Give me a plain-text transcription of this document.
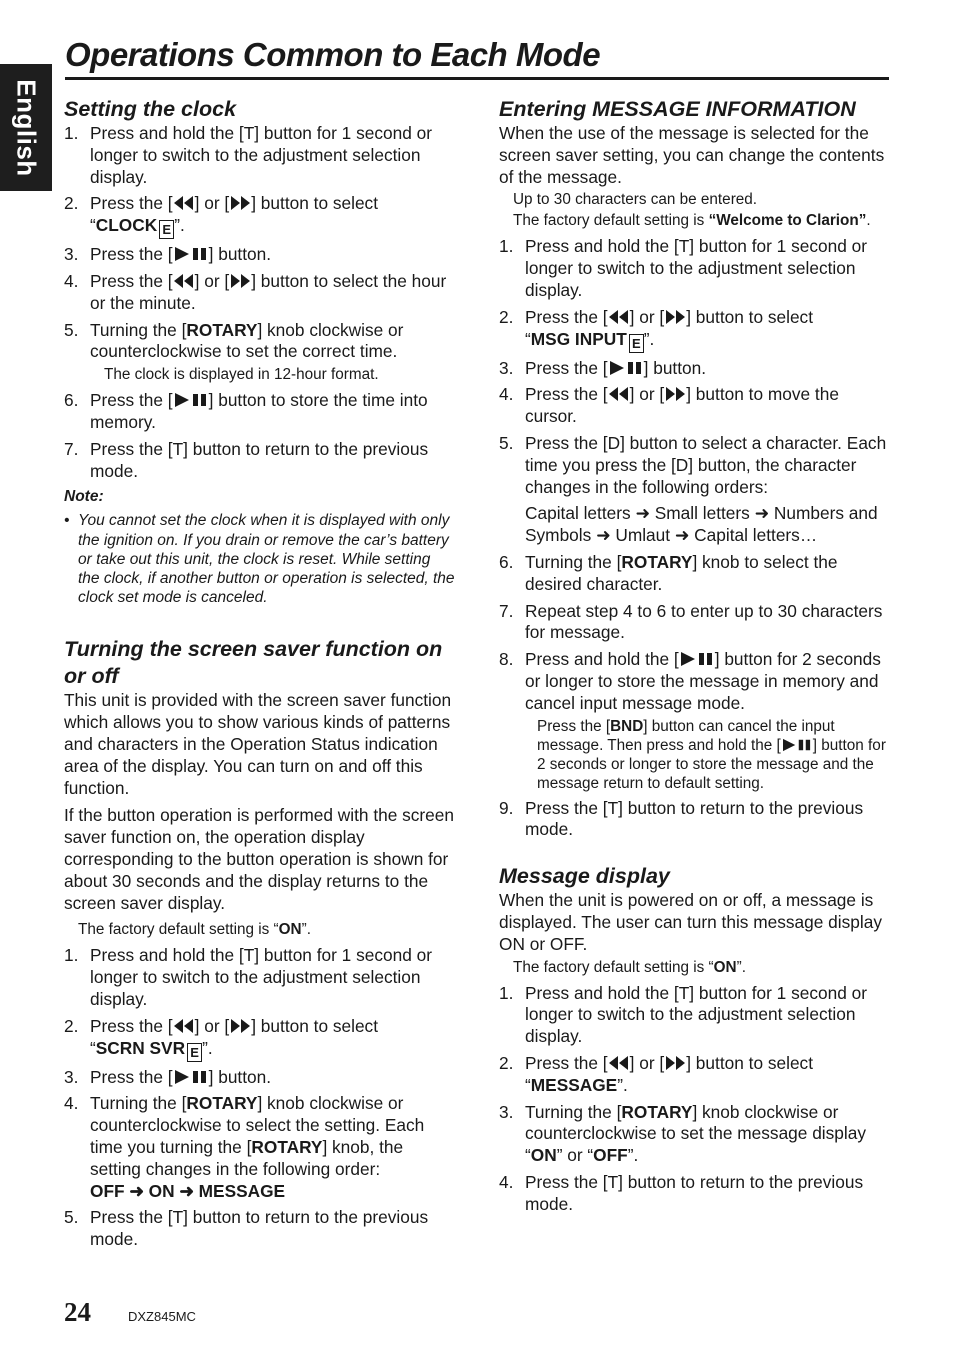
English
Operations Common to Each Mode
Setting the clock
1. Press and hold the [T] button for 1 second or longer to switch to the adjustment selection display.
2. Press the [ ] or [ ] button to select
“CLOCK E ”.
3. Press the [ ] button.
4. Press the [ ] or [ ] button to select the hour or the minute.
5. Turning the [ROTARY] knob clockwise or counterclockwise to set the correct time.
The clock is displayed in 12-hour format.
6. Press the [ ] button to store the time into memory.
7. Press the [T] button to return to the previous mode.
Note:
• You cannot set the clock when it is displayed with only the ignition on. If you drain or remove the car’s battery or take out this unit, the clock is reset. While setting the clock, if another button or operation is selected, the clock set mode is canceled.
Turning the screen saver function on or off

This unit is provided with the screen saver function which allows you to show various kinds of patterns and characters in the Operation Status indication area of the display. You can turn on and off this function.

If the button operation is performed with the screen saver function on, the operation display corresponding to the button operation is shown for about 30 seconds and the display returns to the screen saver display.

The factory default setting is “ON”.
1. Press and hold the [T] button for 1 second or longer to switch to the adjustment selection display.
2. Press the [ ] or [ ] button to select
“SCRN SVR E ”.
3. Press the [ ] button.
4. Turning the [ROTARY] knob clockwise or counterclockwise to select the setting. Each time you turning the [ROTARY] knob, the setting changes in the following order:
OFF ➜ ON ➜ MESSAGE
5. Press the [T] button to return to the previous mode.
Entering MESSAGE INFORMATION

When the use of the message is selected for the screen saver setting, you can change the contents of the message.

Up to 30 characters can be entered.
The factory default setting is “Welcome to Clarion”.
1. Press and hold the [T] button for 1 second or longer to switch to the adjustment selection display.
2. Press the [ ] or [ ] button to select
“MSG INPUT E ”.
3. Press the [ ] button.
4. Press the [ ] or [ ] button to move the cursor.
5. Press the [D] button to select a character. Each time you press the [D] button, the character changes in the following orders:
Capital letters ➜ Small letters ➜ Numbers and Symbols ➜ Umlaut ➜ Capital letters…
6. Turning the [ROTARY] knob to select the desired character.
7. Repeat step 4 to 6 to enter up to 30 characters for message.
8. Press and hold the [ ] button for 2 seconds or longer to store the message in memory and cancel input message mode.
Press the [BND] button can cancel the input message. Then press and hold the [ ] button for 2 seconds or longer to store the message and the message return to default setting.
9. Press the [T] button to return to the previous mode.
Message display

When the unit is powered on or off, a message is displayed. The user can turn this message display ON or OFF.

The factory default setting is “ON”.
1. Press and hold the [T] button for 1 second or longer to switch to the adjustment selection display.
2. Press the [ ] or [ ] button to select
“MESSAGE”.
3. Turning the [ROTARY] knob clockwise or counterclockwise to set the message display “ON” or “OFF”.
4. Press the [T] button to return to the previous mode.
24	DXZ845MC
